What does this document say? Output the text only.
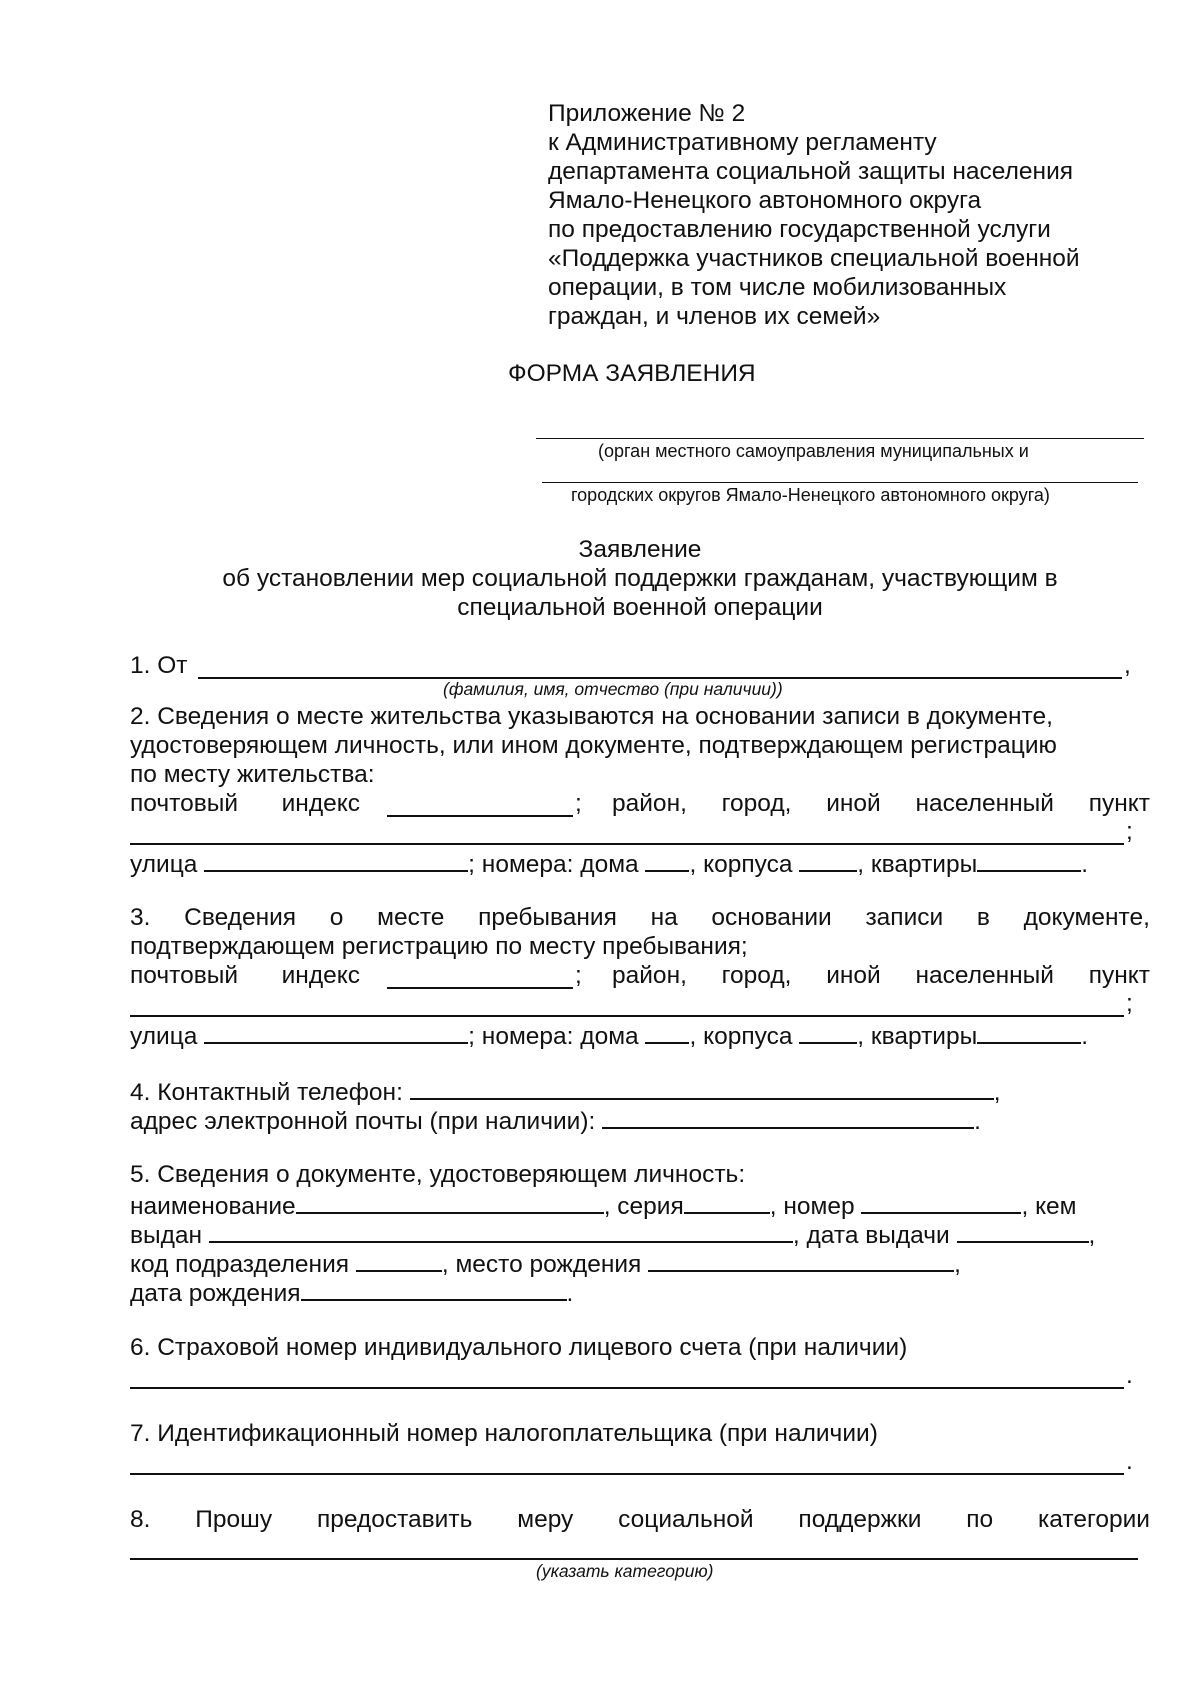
Приложение № 2
к Административному регламенту
департамента социальной защиты населения
Ямало-Ненецкого автономного округа
по предоставлению государственной услуги
«Поддержка участников специальной военной
операции, в том числе мобилизованных
граждан, и членов их семей»
ФОРМА ЗАЯВЛЕНИЯ
(орган местного самоуправления муниципальных и
городских округов Ямало-Ненецкого автономного округа)
Заявление
об установлении мер социальной поддержки гражданам, участвующим в
специальной военной операции
1. От	,
(фамилия, имя, отчество (при наличии))
2. Сведения о месте жительства указываются на основании записи в документе,
удостоверяющем личность, или ином документе, подтверждающем регистрацию
по месту жительства:
почтовый индекс	; район, город, иной населенный пункт
;
улица	; номера: дома , корпуса	, квартиры	.
3. Сведения о месте пребывания на основании записи в документе,
подтверждающем регистрацию по месту пребывания;
почтовый индекс	; район, город, иной населенный пункт
;
улица	; номера: дома , корпуса	, квартиры	.
4. Контактный телефон:	,
адрес электронной почты (при наличии):	.
5. Сведения о документе, удостоверяющем личность:
наименование	, серия	, номер	, кем
выдан	, дата выдачи	,
код подразделения	, место рождения	,
дата рождения	.
6. Страховой номер индивидуального лицевого счета (при наличии)
.
7. Идентификационный номер налогоплательщика (при наличии)
.
8. Прошу предоставить меру социальной поддержки по категории
(указать категорию)
